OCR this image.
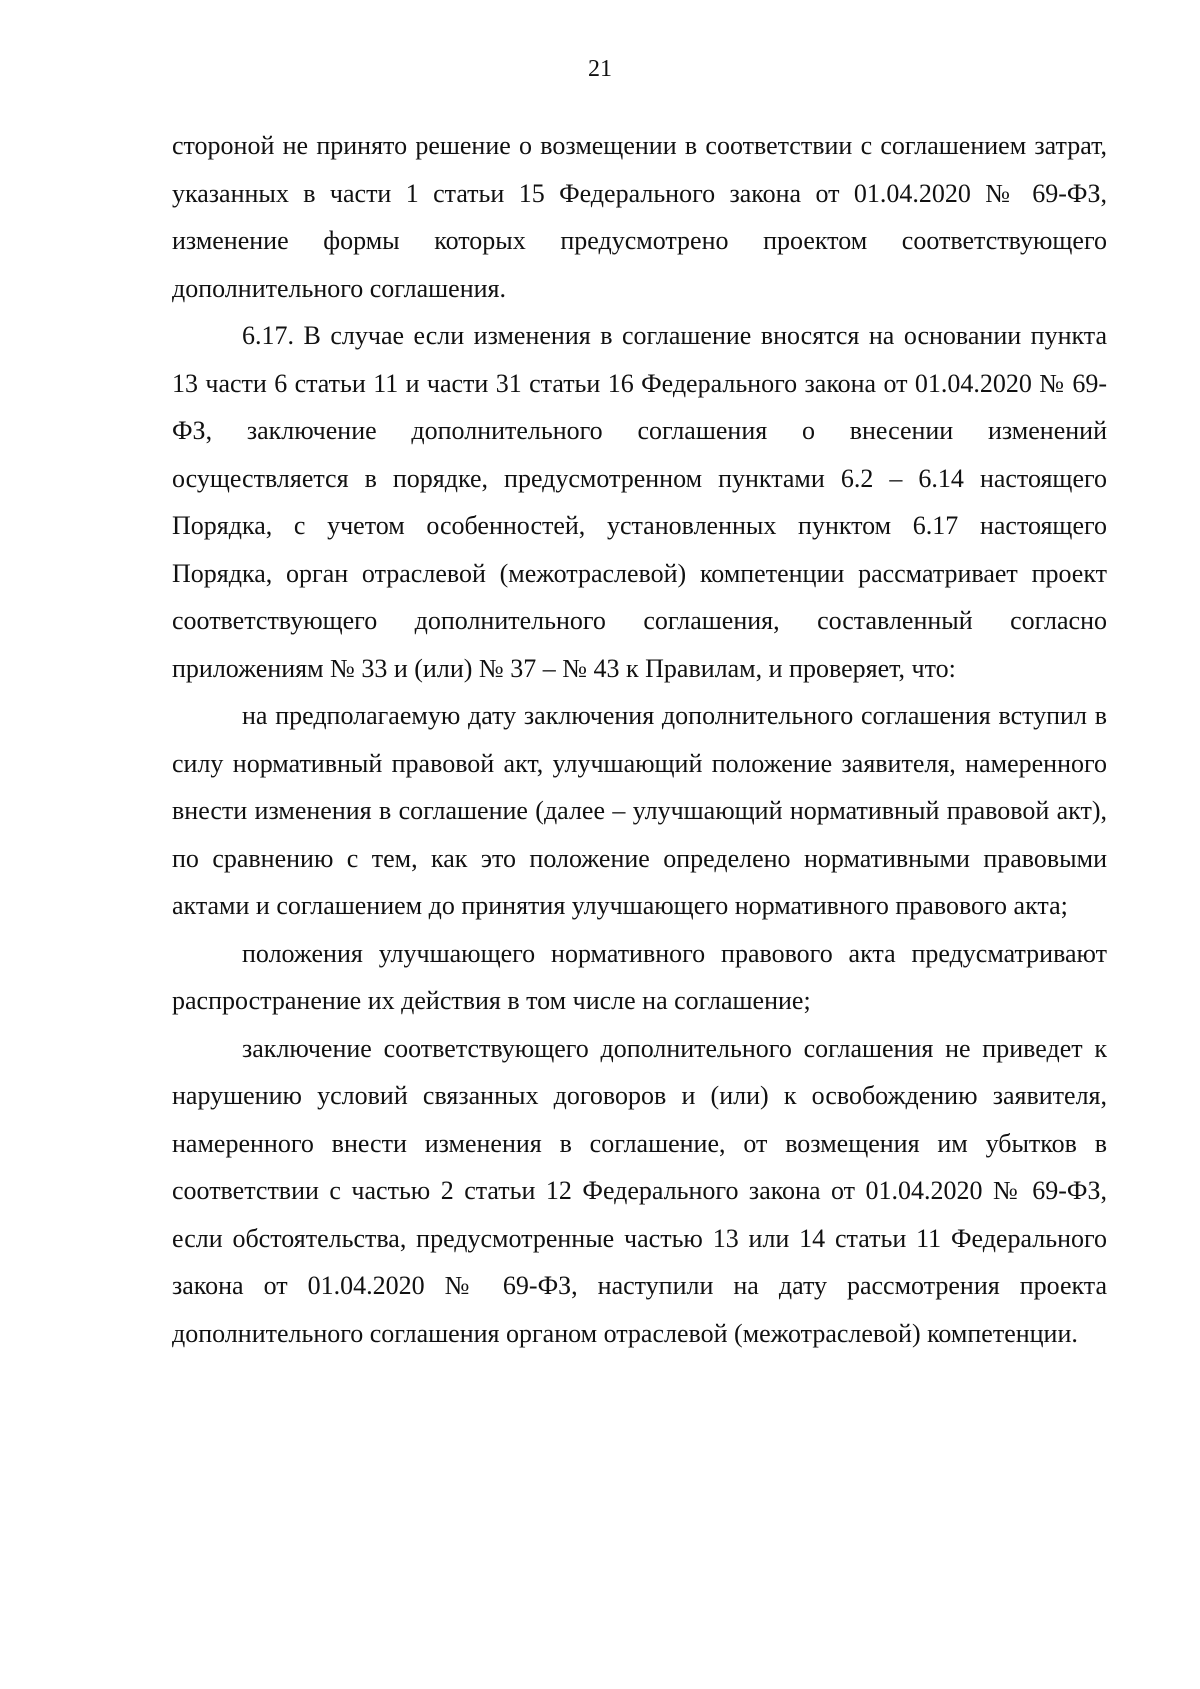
21

стороной не принято решение о возмещении в соответствии с соглашением затрат, указанных в части 1 статьи 15 Федерального закона от 01.04.2020 № 69-ФЗ, изменение формы которых предусмотрено проектом соответствующего дополнительного соглашения.

6.17. В случае если изменения в соглашение вносятся на основании пункта 13 части 6 статьи 11 и части 31 статьи 16 Федерального закона от 01.04.2020 № 69-ФЗ, заключение дополнительного соглашения о внесении изменений осуществляется в порядке, предусмотренном пунктами 6.2 – 6.14 настоящего Порядка, с учетом особенностей, установленных пунктом 6.17 настоящего Порядка, орган отраслевой (межотраслевой) компетенции рассматривает проект соответствующего дополнительного соглашения, составленный согласно приложениям № 33 и (или) № 37 – № 43 к Правилам, и проверяет, что:

на предполагаемую дату заключения дополнительного соглашения вступил в силу нормативный правовой акт, улучшающий положение заявителя, намеренного внести изменения в соглашение (далее – улучшающий нормативный правовой акт), по сравнению с тем, как это положение определено нормативными правовыми актами и соглашением до принятия улучшающего нормативного правового акта;

положения улучшающего нормативного правового акта предусматривают распространение их действия в том числе на соглашение;

заключение соответствующего дополнительного соглашения не приведет к нарушению условий связанных договоров и (или) к освобождению заявителя, намеренного внести изменения в соглашение, от возмещения им убытков в соответствии с частью 2 статьи 12 Федерального закона от 01.04.2020 № 69-ФЗ, если обстоятельства, предусмотренные частью 13 или 14 статьи 11 Федерального закона от 01.04.2020 № 69-ФЗ, наступили на дату рассмотрения проекта дополнительного соглашения органом отраслевой (межотраслевой) компетенции.
